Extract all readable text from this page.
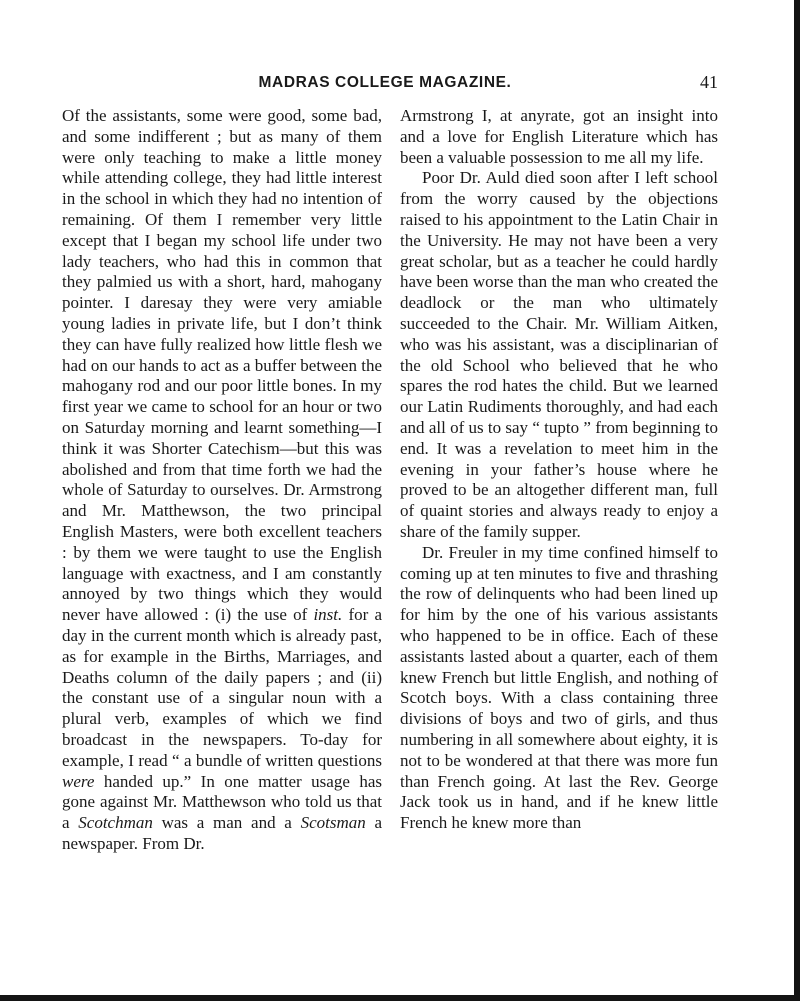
MADRAS COLLEGE MAGAZINE.	41

Of the assistants, some were good, some bad, and some indifferent ; but as many of them were only teaching to make a little money while attending college, they had little interest in the school in which they had no intention of remaining. Of them I remember very little except that I began my school life under two lady teachers, who had this in common that they palmied us with a short, hard, mahogany pointer. I daresay they were very amiable young ladies in private life, but I don’t think they can have fully realized how little flesh we had on our hands to act as a buffer between the mahogany rod and our poor little bones. In my first year we came to school for an hour or two on Saturday morning and learnt something—I think it was Shorter Catechism—but this was abolished and from that time forth we had the whole of Saturday to ourselves. Dr. Armstrong and Mr. Matthewson, the two principal English Masters, were both excellent teachers : by them we were taught to use the English language with exactness, and I am constantly annoyed by two things which they would never have allowed : (i) the use of inst. for a day in the current month which is already past, as for example in the Births, Marriages, and Deaths column of the daily papers ; and (ii) the constant use of a singular noun with a plural verb, examples of which we find broadcast in the newspapers. To-day for example, I read “ a bundle of written questions were handed up.” In one matter usage has gone against Mr. Matthewson who told us that a Scotchman was a man and a Scotsman a newspaper. From Dr.

Armstrong I, at anyrate, got an insight into and a love for English Literature which has been a valuable possession to me all my life.

Poor Dr. Auld died soon after I left school from the worry caused by the objections raised to his appointment to the Latin Chair in the University. He may not have been a very great scholar, but as a teacher he could hardly have been worse than the man who created the deadlock or the man who ultimately succeeded to the Chair. Mr. William Aitken, who was his assistant, was a disciplinarian of the old School who believed that he who spares the rod hates the child. But we learned our Latin Rudiments thoroughly, and had each and all of us to say “ tupto ” from beginning to end. It was a revelation to meet him in the evening in your father’s house where he proved to be an altogether different man, full of quaint stories and always ready to enjoy a share of the family supper.

Dr. Freuler in my time confined himself to coming up at ten minutes to five and thrashing the row of delinquents who had been lined up for him by the one of his various assistants who happened to be in office. Each of these assistants lasted about a quarter, each of them knew French but little English, and nothing of Scotch boys. With a class containing three divisions of boys and two of girls, and thus numbering in all somewhere about eighty, it is not to be wondered at that there was more fun than French going. At last the Rev. George Jack took us in hand, and if he knew little French he knew more than
